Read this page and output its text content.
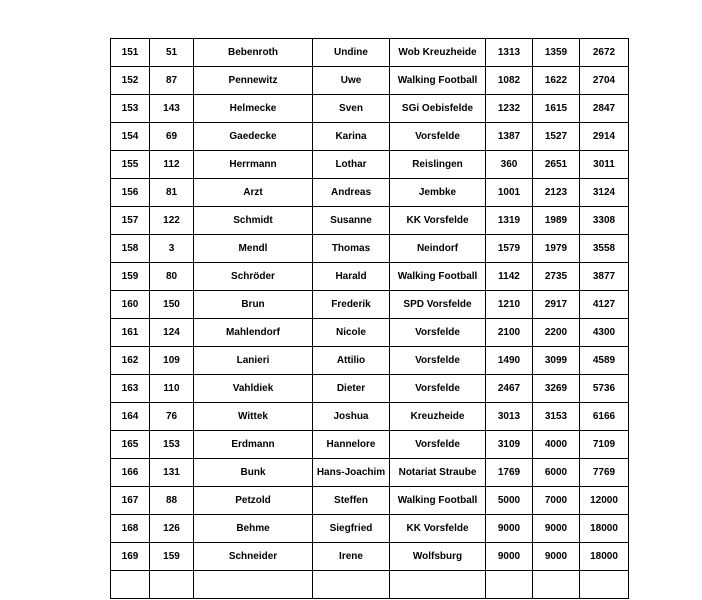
151	51	Bebenroth	Undine	Wob Kreuzheide	1313	1359	2672
152	87	Pennewitz	Uwe	Walking Football	1082	1622	2704
153	143	Helmecke	Sven	SGi Oebisfelde	1232	1615	2847
154	69	Gaedecke	Karina	Vorsfelde	1387	1527	2914
155	112	Herrmann	Lothar	Reislingen	360	2651	3011
156	81	Arzt	Andreas	Jembke	1001	2123	3124
157	122	Schmidt	Susanne	KK Vorsfelde	1319	1989	3308
158	3	Mendl	Thomas	Neindorf	1579	1979	3558
159	80	Schröder	Harald	Walking Football	1142	2735	3877
160	150	Brun	Frederik	SPD Vorsfelde	1210	2917	4127
161	124	Mahlendorf	Nicole	Vorsfelde	2100	2200	4300
162	109	Lanieri	Attilio	Vorsfelde	1490	3099	4589
163	110	Vahldiek	Dieter	Vorsfelde	2467	3269	5736
164	76	Wittek	Joshua	Kreuzheide	3013	3153	6166
165	153	Erdmann	Hannelore	Vorsfelde	3109	4000	7109
166	131	Bunk	Hans-Joachim	Notariat Straube	1769	6000	7769
167	88	Petzold	Steffen	Walking Football	5000	7000	12000
168	126	Behme	Siegfried	KK Vorsfelde	9000	9000	18000
169	159	Schneider	Irene	Wolfsburg	9000	9000	18000
